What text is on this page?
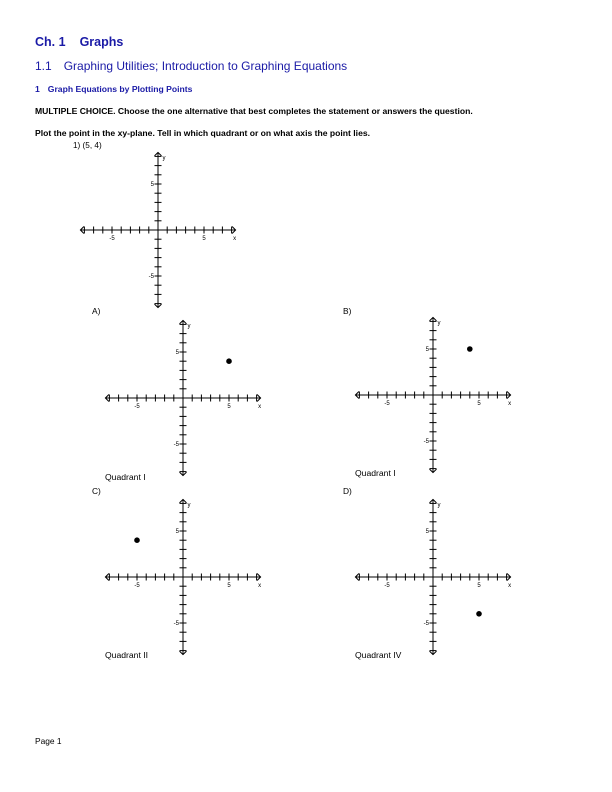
Ch. 1 Graphs
1.1 Graphing Utilities; Introduction to Graphing Equations
1 Graph Equations by Plotting Points
MULTIPLE CHOICE. Choose the one alternative that best completes the statement or answers the question.
Plot the point in the xy-plane. Tell in which quadrant or on what axis the point lies.
1) (5, 4)
-5	5
5
-5
x
y
A)
-5	5
5
-5
x
y
Quadrant I
B)
-5	5
5
-5
x
y
Quadrant I
C)
-5	5
5
-5
x
y
Quadrant II
D)
-5	5
5
-5
x
y
Quadrant IV
Page 1
